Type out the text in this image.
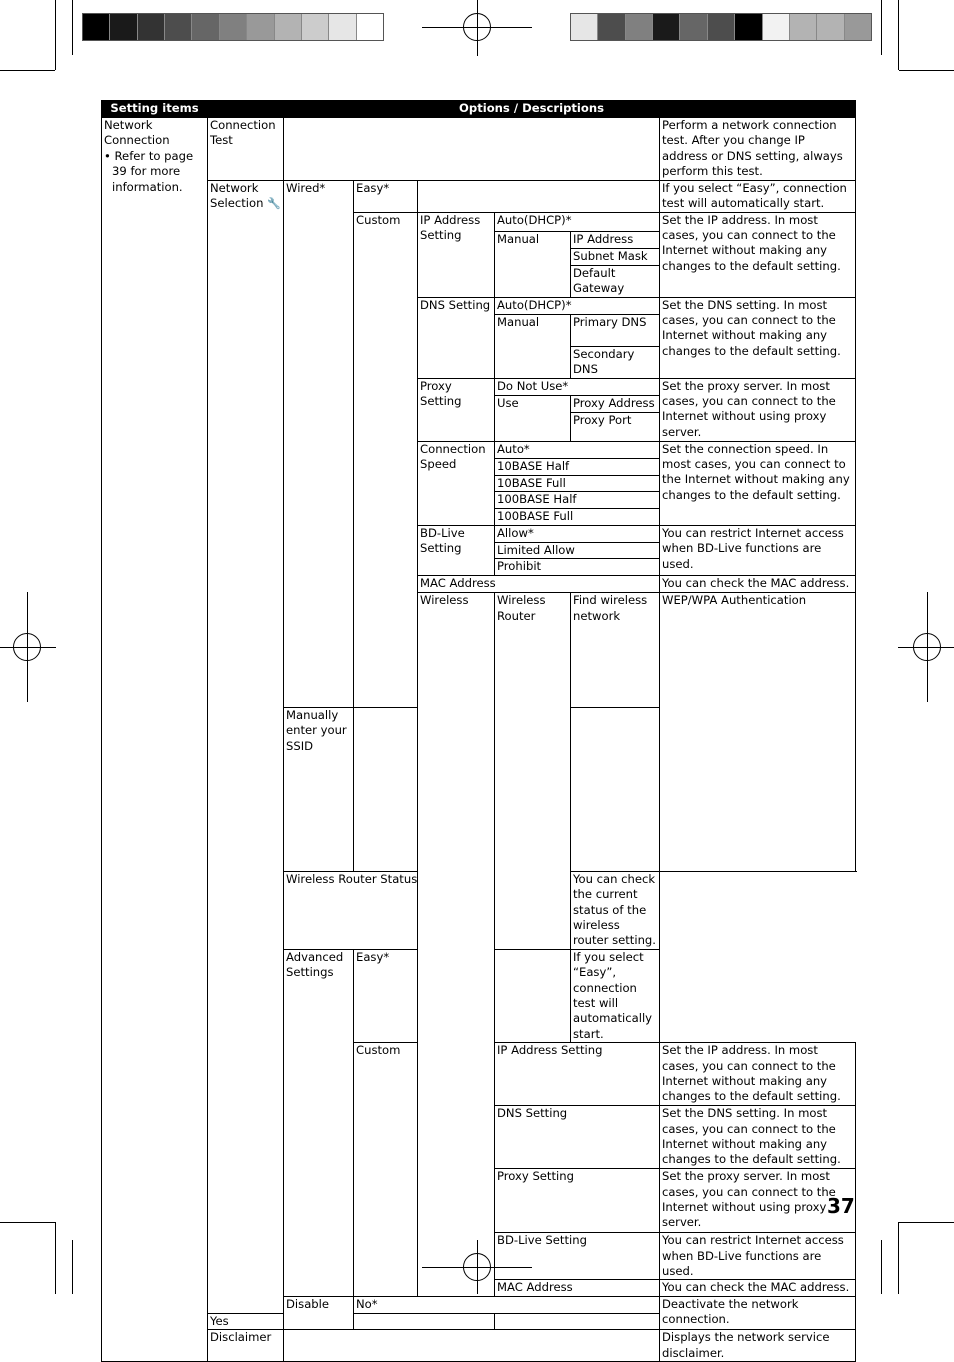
Setting items	Options / Descriptions							

Network Connection
• Refer to page
39 for more
information.	Connection Test						Perform a network connection test. After you change IP address or DNS setting, always perform this test.	
	Network Selection 🔧	Wired*	Easy*				If you select “Easy”, connection test will automatically start.	
			Custom	IP Address Setting	Auto(DHCP)*		Set the IP address. In most cases, you can connect to the Internet without making any changes to the default setting.	
					Manual	IP Address		
						Subnet Mask		
						Default Gateway		
				DNS Setting	Auto(DHCP)*		Set the DNS setting. In most cases, you can connect to the Internet without making any changes to the default setting.	
					Manual	Primary DNS		
						Secondary DNS		
				Proxy Setting	Do Not Use*		Set the proxy server. In most cases, you can connect to the Internet without using proxy server.	
					Use	Proxy Address		
						Proxy Port		
				Connection Speed	Auto*		Set the connection speed. In most cases, you can connect to the Internet without making any changes to the default setting.	
					10BASE Half			
					10BASE Full			
					100BASE Half			
					100BASE Full			
				BD-Live Setting	Allow*		You can restrict Internet access when BD-Live functions are used.	
					Limited Allow			
					Prohibit			
				MAC Address			You can check the MAC address.	
				Wireless	Wireless Router	Find wireless network	WEP/WPA Authentication	
		Manually enter your SSID						
		Wireless Router Status				You can check the current status of the wireless router setting.		
		Advanced Settings	Easy*			If you select “Easy”, connection test will automatically start.		
			Custom		IP Address Setting		Set the IP address. In most cases, you can connect to the Internet without making any changes to the default setting.	
					DNS Setting		Set the DNS setting. In most cases, you can connect to the Internet without making any changes to the default setting.	
					Proxy Setting		Set the proxy server. In most cases, you can connect to the Internet without using proxy server.	
					BD-Live Setting		You can restrict Internet access when BD-Live functions are used.	
					MAC Address		You can check the MAC address.	
		Disable	No*				Deactivate the network connection.	
	Yes							
	Disclaimer						Displays the network service disclaimer.	
37
